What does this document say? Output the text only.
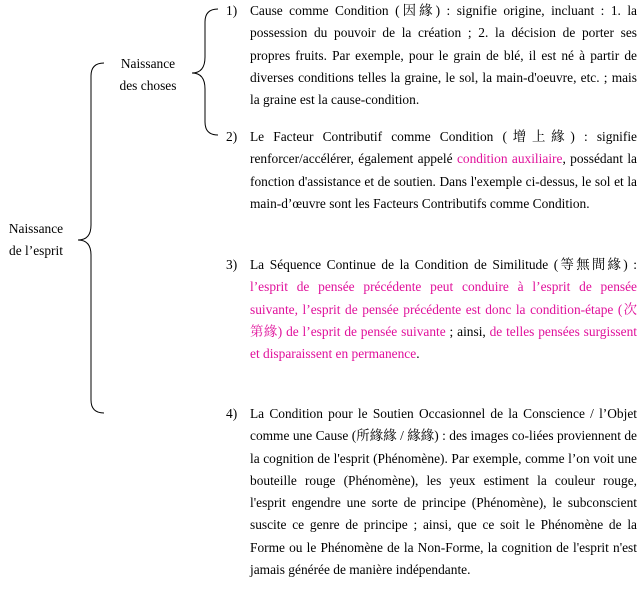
Naissance
de l’esprit
Naissance
des choses
1) Cause comme Condition (因緣) : signifie origine, incluant : 1. la possession du pouvoir de la création ; 2. la décision de porter ses propres fruits. Par exemple, pour le grain de blé, il est né à partir de diverses conditions telles la graine, le sol, la main-d'oeuvre, etc. ; mais la graine est la cause-condition.
2) Le Facteur Contributif comme Condition (增上緣) : signifie renforcer/accélérer, également appelé condition auxiliaire, possédant la fonction d'assistance et de soutien. Dans l'exemple ci-dessus, le sol et la main-d’œuvre sont les Facteurs Contributifs comme Condition.
3) La Séquence Continue de la Condition de Similitude (等無間緣) : l’esprit de pensée précédente peut conduire à l’esprit de pensée suivante, l’esprit de pensée précédente est donc la condition-étape (次第緣) de l’esprit de pensée suivante ; ainsi, de telles pensées surgissent et disparaissent en permanence.
4) La Condition pour le Soutien Occasionnel de la Conscience / l’Objet comme une Cause (所緣緣 / 緣緣) : des images co-liées proviennent de la cognition de l'esprit (Phénomène). Par exemple, comme l’on voit une bouteille rouge (Phénomène), les yeux estiment la couleur rouge, l'esprit engendre une sorte de principe (Phénomène), le subconscient suscite ce genre de principe ; ainsi, que ce soit le Phénomène de la Forme ou le Phénomène de la Non-Forme, la cognition de l'esprit n'est jamais générée de manière indépendante.
